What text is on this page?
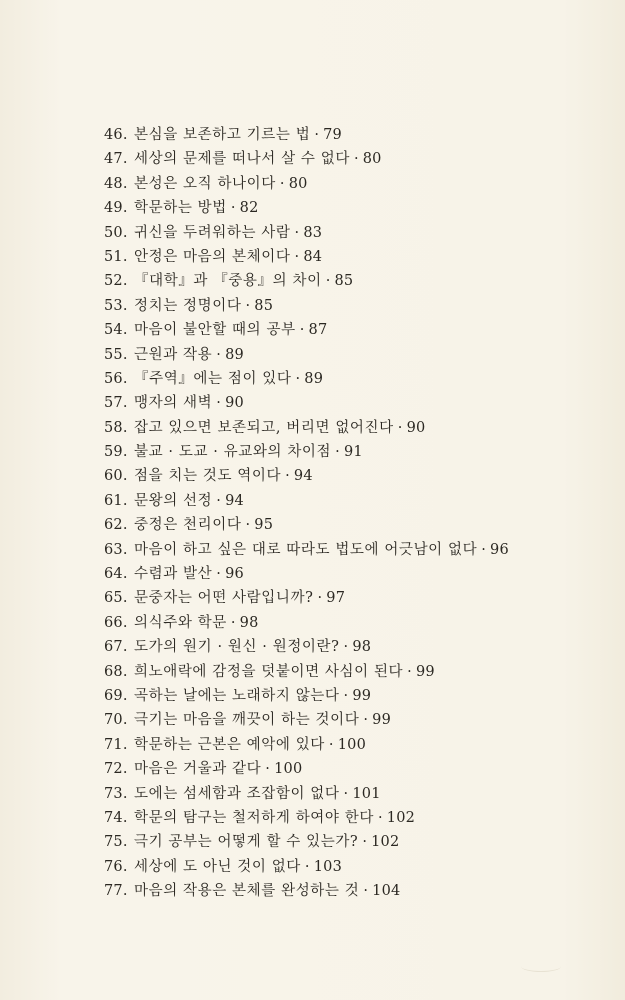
46. 본심을 보존하고 기르는 법 · 79
47. 세상의 문제를 떠나서 살 수 없다 · 80
48. 본성은 오직 하나이다 · 80
49. 학문하는 방법 · 82
50. 귀신을 두려워하는 사람 · 83
51. 안정은 마음의 본체이다 · 84
52. 『대학』과 『중용』의 차이 · 85
53. 정치는 정명이다 · 85
54. 마음이 불안할 때의 공부 · 87
55. 근원과 작용 · 89
56. 『주역』에는 점이 있다 · 89
57. 맹자의 새벽 · 90
58. 잡고 있으면 보존되고, 버리면 없어진다 · 90
59. 불교 · 도교 · 유교와의 차이점 · 91
60. 점을 치는 것도 역이다 · 94
61. 문왕의 선정 · 94
62. 중정은 천리이다 · 95
63. 마음이 하고 싶은 대로 따라도 법도에 어긋남이 없다 · 96
64. 수렴과 발산 · 96
65. 문중자는 어떤 사람입니까? · 97
66. 의식주와 학문 · 98
67. 도가의 원기 · 원신 · 원정이란? · 98
68. 희노애락에 감정을 덧붙이면 사심이 된다 · 99
69. 곡하는 날에는 노래하지 않는다 · 99
70. 극기는 마음을 깨끗이 하는 것이다 · 99
71. 학문하는 근본은 예악에 있다 · 100
72. 마음은 거울과 같다 · 100
73. 도에는 섬세함과 조잡함이 없다 · 101
74. 학문의 탐구는 철저하게 하여야 한다 · 102
75. 극기 공부는 어떻게 할 수 있는가? · 102
76. 세상에 도 아닌 것이 없다 · 103
77. 마음의 작용은 본체를 완성하는 것 · 104
